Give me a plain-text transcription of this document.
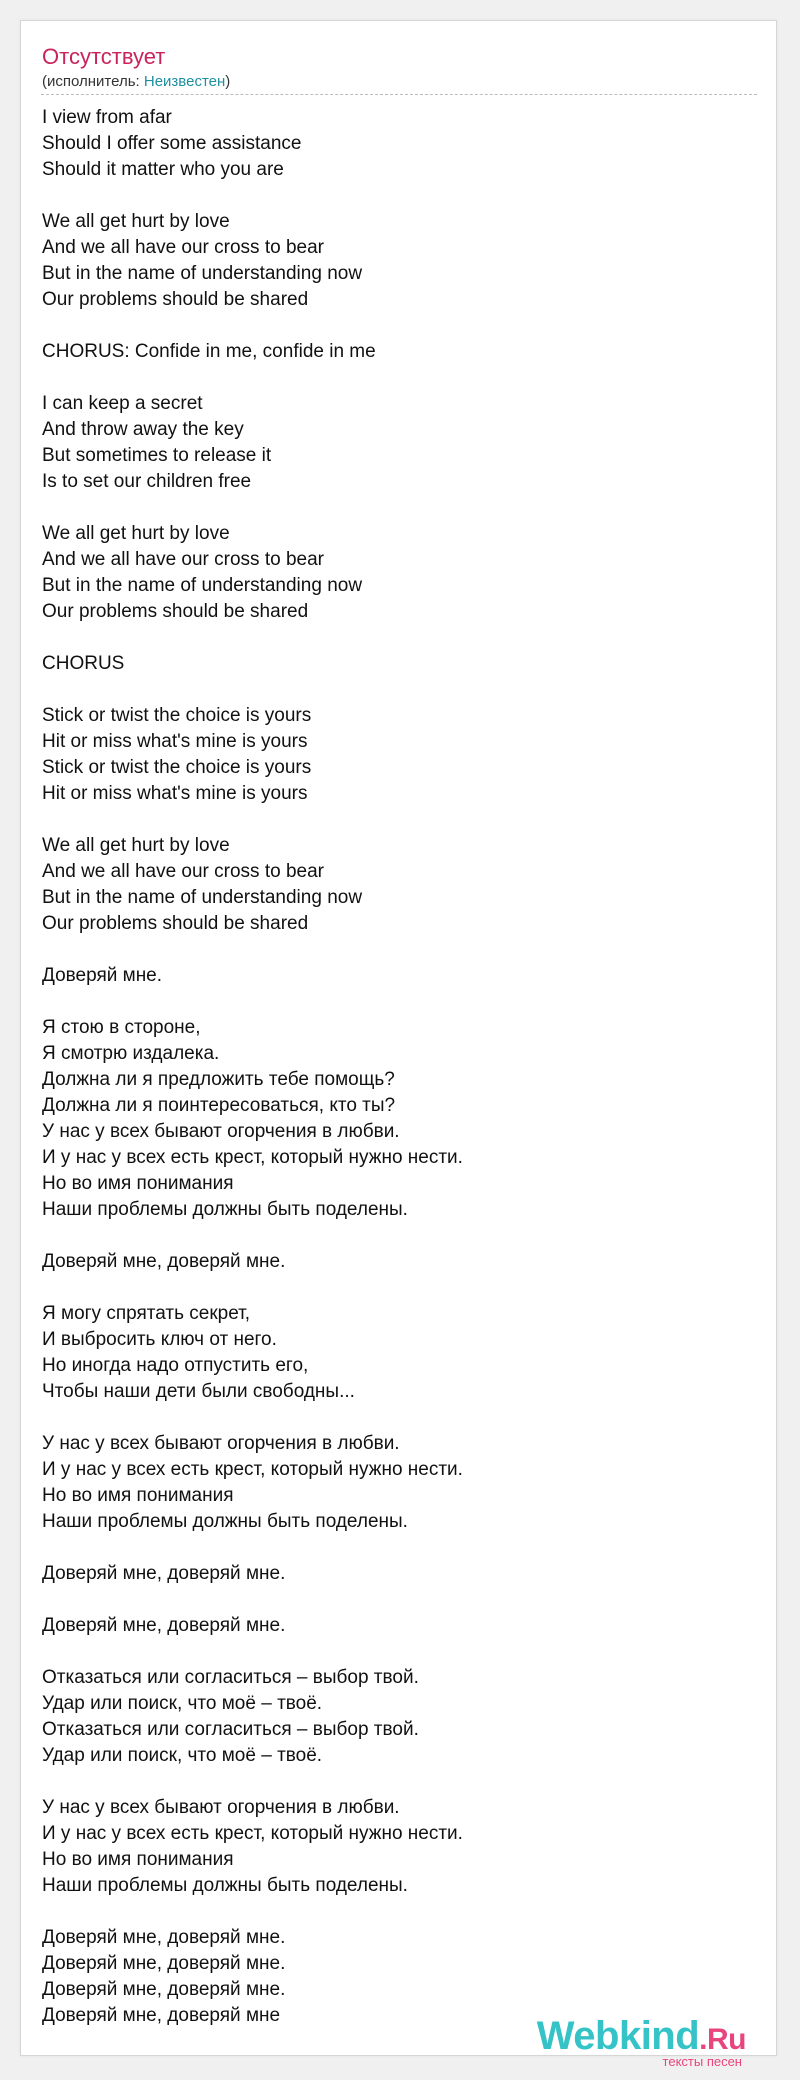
Отсутствует
(исполнитель: Неизвестен)
I view from afar
Should I offer some assistance
Should it matter who you are
We all get hurt by love
And we all have our cross to bear
But in the name of understanding now
Our problems should be shared
CHORUS: Confide in me, confide in me
I can keep a secret
And throw away the key
But sometimes to release it
Is to set our children free
We all get hurt by love
And we all have our cross to bear
But in the name of understanding now
Our problems should be shared
CHORUS
Stick or twist the choice is yours
Hit or miss what's mine is yours
Stick or twist the choice is yours
Hit or miss what's mine is yours
We all get hurt by love
And we all have our cross to bear
But in the name of understanding now
Our problems should be shared
Доверяй мне.
Я стою в стороне,
Я смотрю издалека.
Должна ли я предложить тебе помощь?
Должна ли я поинтересоваться, кто ты?
У нас у всех бывают огорчения в любви.
И у нас у всех есть крест, который нужно нести.
Но во имя понимания
Наши проблемы должны быть поделены.
Доверяй мне, доверяй мне.
Я могу спрятать секрет,
И выбросить ключ от него.
Но иногда надо отпустить его,
Чтобы наши дети были свободны...
У нас у всех бывают огорчения в любви.
И у нас у всех есть крест, который нужно нести.
Но во имя понимания
Наши проблемы должны быть поделены.
Доверяй мне, доверяй мне.
Доверяй мне, доверяй мне.
Отказаться или согласиться – выбор твой.
Удар или поиск, что моё – твоё.
Отказаться или согласиться – выбор твой.
Удар или поиск, что моё – твоё.
У нас у всех бывают огорчения в любви.
И у нас у всех есть крест, который нужно нести.
Но во имя понимания
Наши проблемы должны быть поделены.
Доверяй мне, доверяй мне.
Доверяй мне, доверяй мне.
Доверяй мне, доверяй мне.
Доверяй мне, доверяй мне	Webkind.Ru
тексты песен
